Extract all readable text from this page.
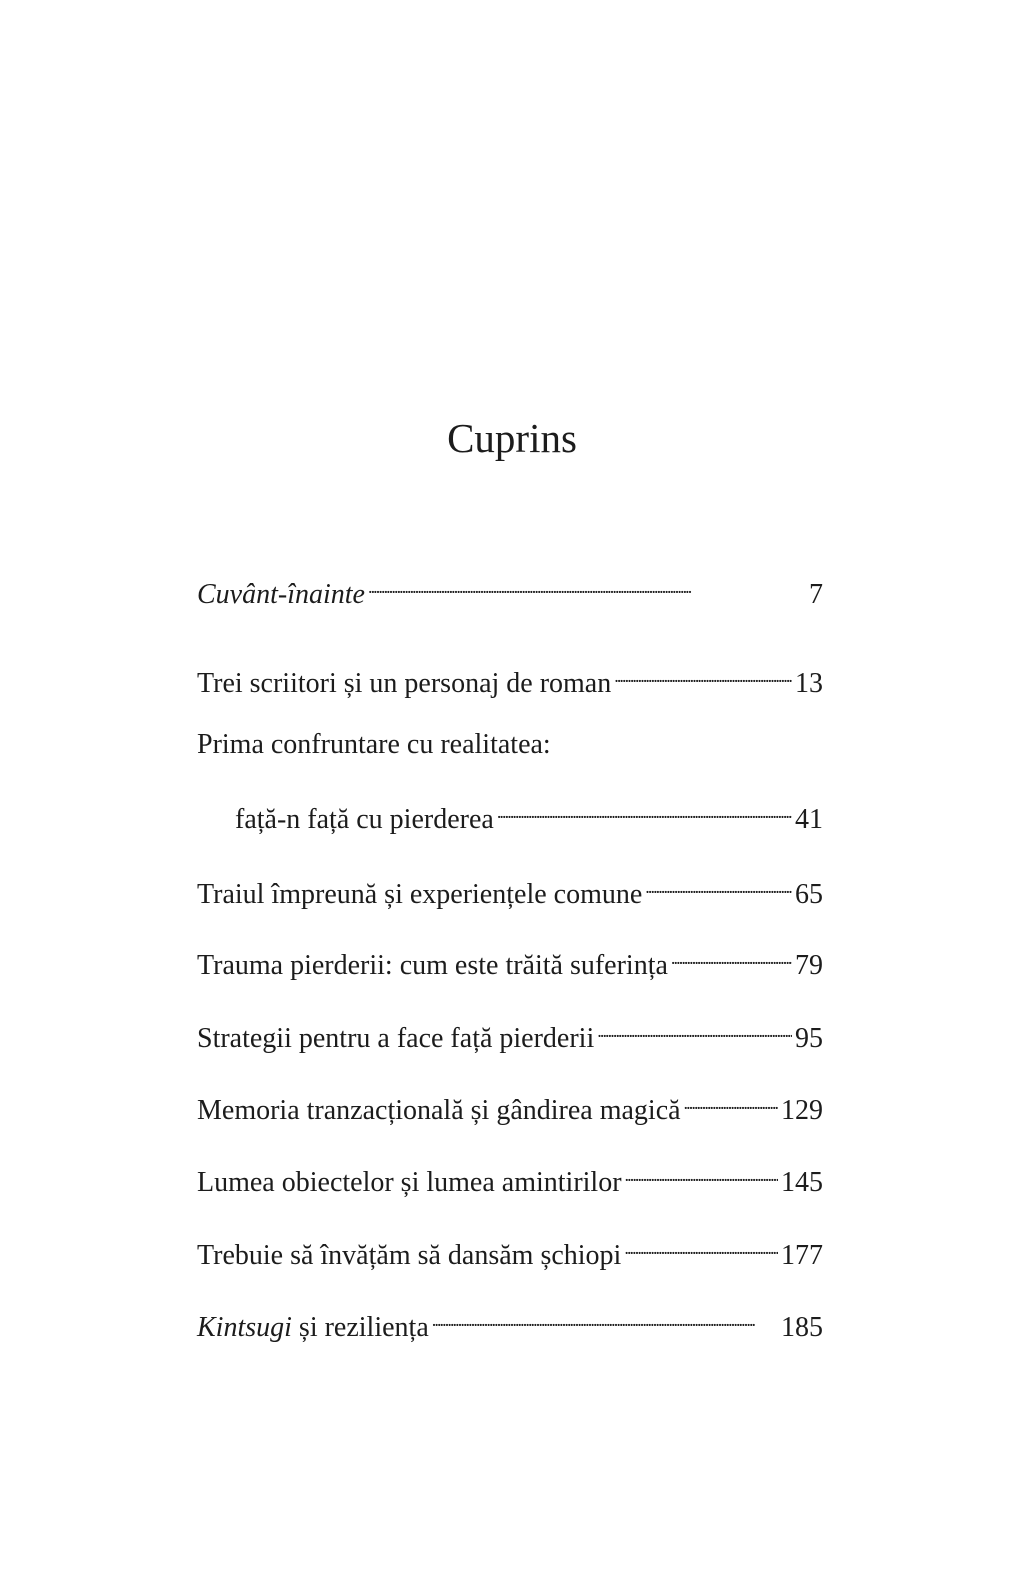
Cuprins
Cuvânt-înainte . . .	7
Trei scriitori și un personaj de roman . . .	13
Prima confruntare cu realitatea:
față-n față cu pierderea . . .	41
Traiul împreună și experiențele comune . . .	65
Trauma pierderii: cum este trăită suferința . . .	79
Strategii pentru a face față pierderii . . .	95
Memoria tranzacțională și gândirea magică . . .	129
Lumea obiectelor și lumea amintirilor . . .	145
Trebuie să învățăm să dansăm șchiopi . . .	177
Kintsugi și reziliența . . .	185
